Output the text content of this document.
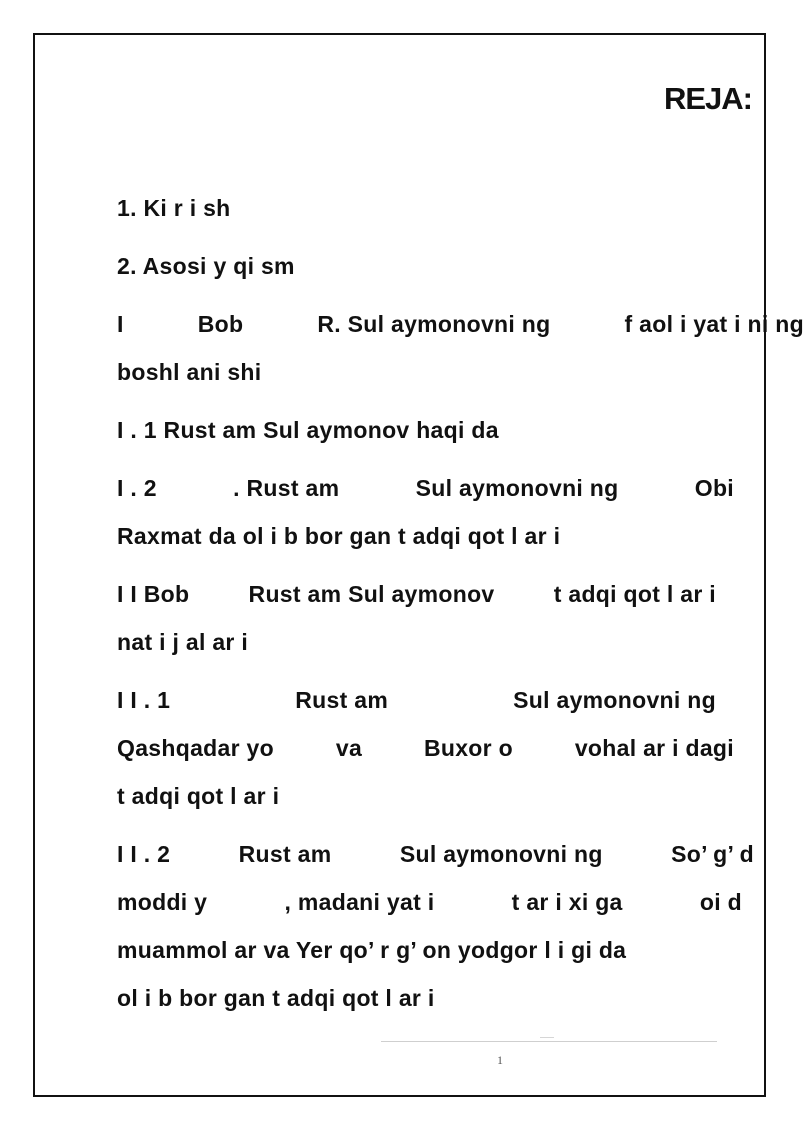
REJA:
1. Ki r i sh
2. Asosi y qi sm
I	Bob	R. Sul aymonovni ng	f aol i yat i ni ng
boshl ani shi
I . 1 Rust am Sul aymonov haqi da
I . 2	. Rust am	Sul aymonovni ng	Obi
Raxmat da ol i b bor gan t adqi qot l ar i
I I Bob	Rust am Sul aymonov	t adqi qot l ar i
nat i j al ar i
I I . 1	Rust am	Sul aymonovni ng
Qashqadar yo	va	Buxor o	vohal ar i dagi
t adqi qot l ar i
I I . 2	Rust am	Sul aymonovni ng	So’ g’ d
moddi y	, madani yat i	t ar i xi ga	oi d
muammol ar va Yer qo’ r g’ on yodgor l i gi da
ol i b bor gan t adqi qot l ar i
1
